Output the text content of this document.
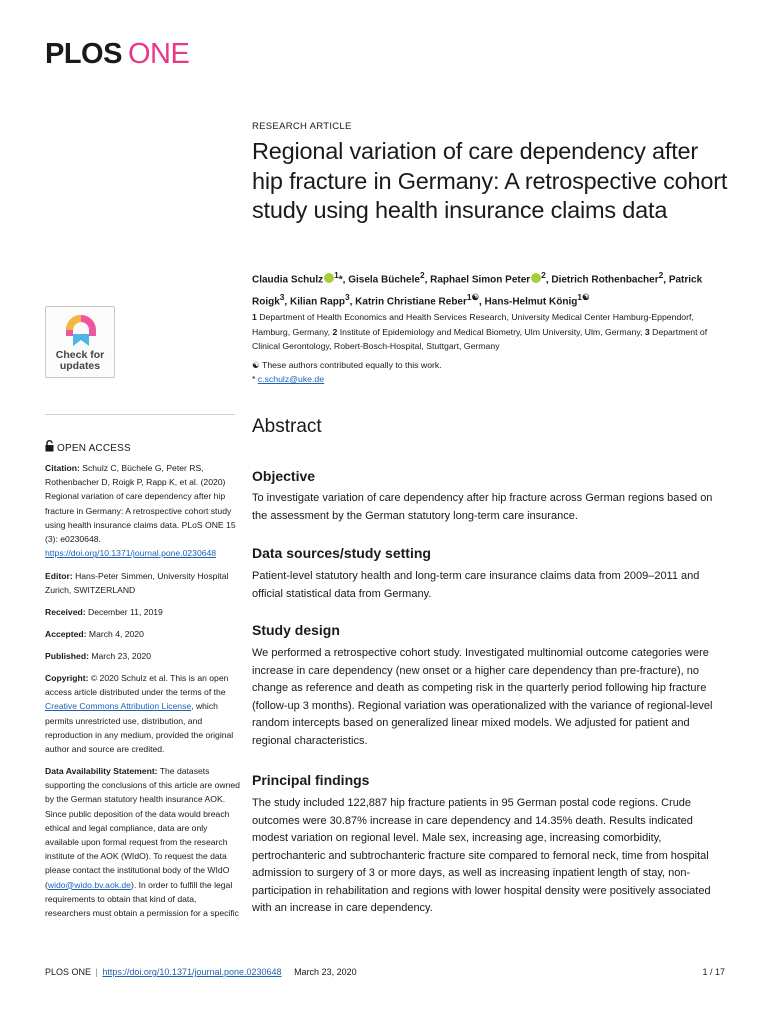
PLOS ONE
Check for
updates
OPEN ACCESS
Citation: Schulz C, Büchele G, Peter RS, Rothenbacher D, Roigk P, Rapp K, et al. (2020) Regional variation of care dependency after hip fracture in Germany: A retrospective cohort study using health insurance claims data. PLoS ONE 15 (3): e0230648. https://doi.org/10.1371/journal.pone.0230648
Editor: Hans-Peter Simmen, University Hospital Zurich, SWITZERLAND
Received: December 11, 2019
Accepted: March 4, 2020
Published: March 23, 2020
Copyright: © 2020 Schulz et al. This is an open access article distributed under the terms of the Creative Commons Attribution License, which permits unrestricted use, distribution, and reproduction in any medium, provided the original author and source are credited.
Data Availability Statement: The datasets supporting the conclusions of this article are owned by the German statutory health insurance AOK. Since public deposition of the data would breach ethical and legal compliance, data are only available upon formal request from the research institute of the AOK (WIdO). To request the data please contact the institutional body of the WIdO (wido@wido.bv.aok.de). In order to fulfill the legal requirements to obtain that kind of data, researchers must obtain a permission for a specific
RESEARCH ARTICLE
Regional variation of care dependency after hip fracture in Germany: A retrospective cohort study using health insurance claims data
Claudia Schulz $^1$*, Gisela Büchele$^2$, Raphael Simon Peter $^2$, Dietrich Rothenbacher$^2$, Patrick Roigk$^3$, Kilian Rapp$^3$, Katrin Christiane Reber$^{1☯}$, Hans-Helmut König$^{1☯}$
1 Department of Health Economics and Health Services Research, University Medical Center Hamburg-Eppendorf, Hamburg, Germany, 2 Institute of Epidemiology and Medical Biometry, Ulm University, Ulm, Germany, 3 Department of Clinical Gerontology, Robert-Bosch-Hospital, Stuttgart, Germany
☯ These authors contributed equally to this work.
* c.schulz@uke.de
Abstract
Objective

To investigate variation of care dependency after hip fracture across German regions based on the assessment by the German statutory long-term care insurance.

Data sources/study setting

Patient-level statutory health and long-term care insurance claims data from 2009–2011 and official statistical data from Germany.

Study design

We performed a retrospective cohort study. Investigated multinomial outcome categories were increase in care dependency (new onset or a higher care dependency than pre-fracture), no change as reference and death as competing risk in the quarterly period following hip fracture (follow-up 3 months). Regional variation was operationalized with the variance of regional-level random intercepts based on generalized linear mixed models. We adjusted for patient and regional characteristics.

Principal findings

The study included 122,887 hip fracture patients in 95 German postal code regions. Crude outcomes were 30.87% increase in care dependency and 14.35% death. Results indicated modest variation on regional level. Male sex, increasing age, increasing comorbidity, pertrochanteric and subtrochanteric fracture site compared to femoral neck, time from hospital admission to surgery of 3 or more days, as well as increasing inpatient length of stay, non-participation in rehabilitation and regions with lower hospital density were positively associated with an increase in care dependency.

PLOS ONE | https://doi.org/10.1371/journal.pone.0230648 March 23, 2020	1 / 17
